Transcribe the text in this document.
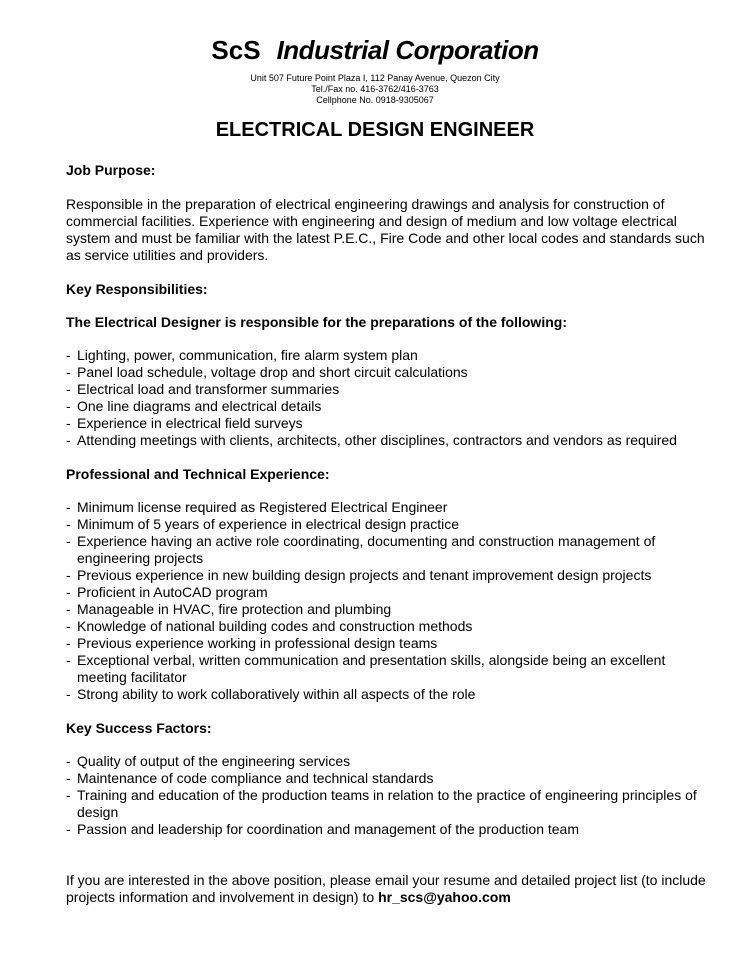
ScS Industrial Corporation
Unit 507 Future Point Plaza I, 112 Panay Avenue, Quezon City
Tel./Fax no. 416-3762/416-3763
Cellphone No. 0918-9305067
ELECTRICAL DESIGN ENGINEER

Job Purpose:

Responsible in the preparation of electrical engineering drawings and analysis for construction of commercial facilities. Experience with engineering and design of medium and low voltage electrical system and must be familiar with the latest P.E.C., Fire Code and other local codes and standards such as service utilities and providers.

Key Responsibilities:

The Electrical Designer is responsible for the preparations of the following:

- Lighting, power, communication, fire alarm system plan
- Panel load schedule, voltage drop and short circuit calculations
- Electrical load and transformer summaries
- One line diagrams and electrical details
- Experience in electrical field surveys
- Attending meetings with clients, architects, other disciplines, contractors and vendors as required

Professional and Technical Experience:

- Minimum license required as Registered Electrical Engineer
- Minimum of 5 years of experience in electrical design practice
- Experience having an active role coordinating, documenting and construction management of engineering projects
- Previous experience in new building design projects and tenant improvement design projects
- Proficient in AutoCAD program
- Manageable in HVAC, fire protection and plumbing
- Knowledge of national building codes and construction methods
- Previous experience working in professional design teams
- Exceptional verbal, written communication and presentation skills, alongside being an excellent meeting facilitator
- Strong ability to work collaboratively within all aspects of the role

Key Success Factors:

- Quality of output of the engineering services
- Maintenance of code compliance and technical standards
- Training and education of the production teams in relation to the practice of engineering principles of design
- Passion and leadership for coordination and management of the production team

If you are interested in the above position, please email your resume and detailed project list (to include projects information and involvement in design) to hr_scs@yahoo.com
